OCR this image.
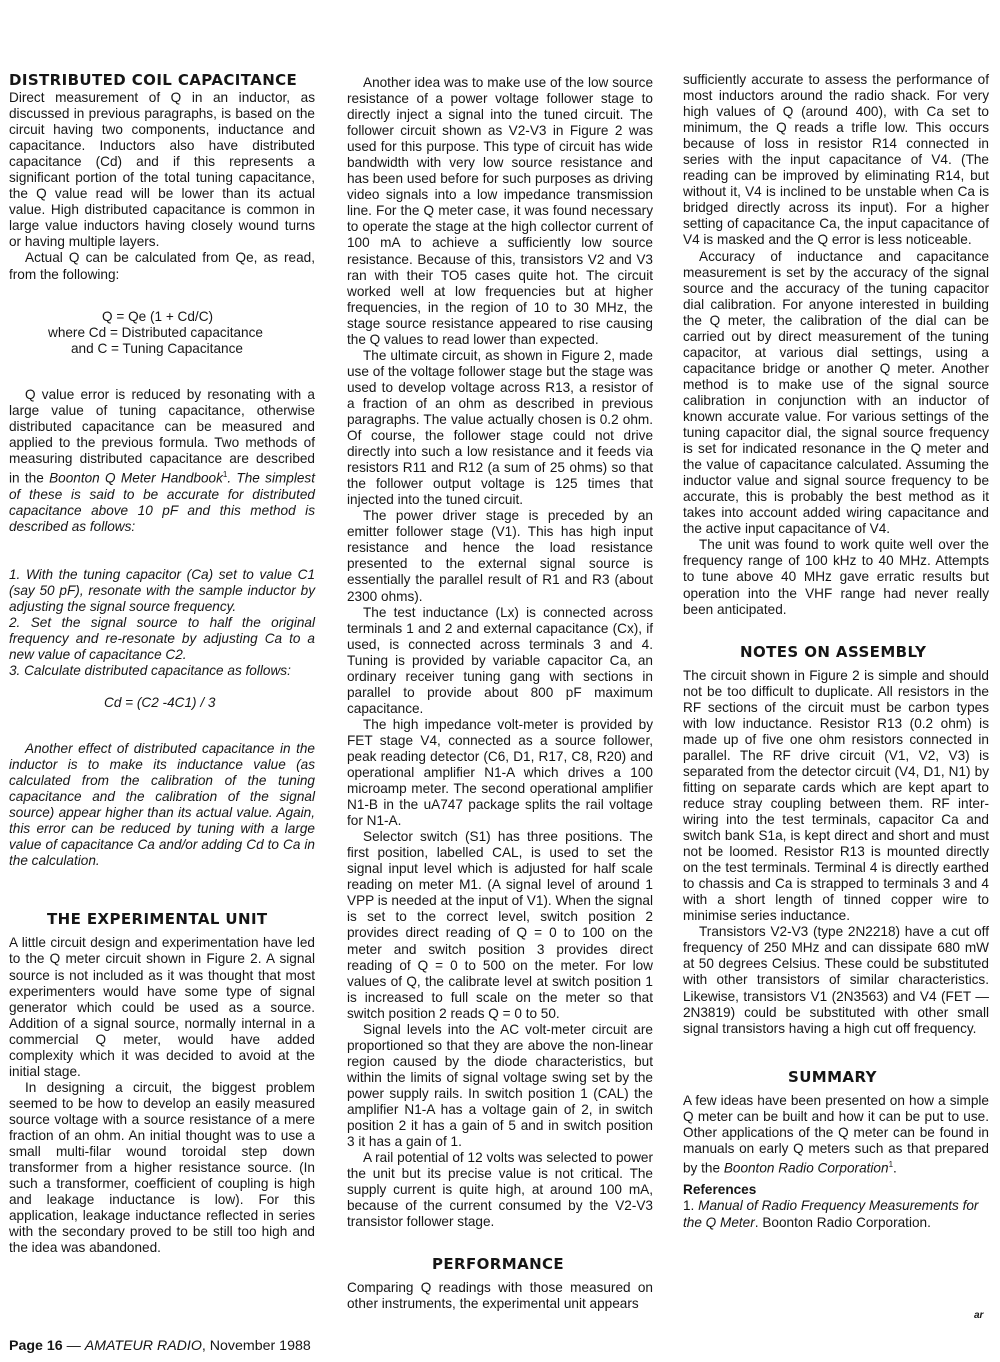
DISTRIBUTED COIL CAPACITANCE

Direct measurement of Q in an inductor, as discussed in previous paragraphs, is based on the circuit having two components, inductance and capacitance. Inductors also have distributed capacitance (Cd) and if this represents a significant portion of the total tuning capacitance, the Q value read will be lower than its actual value. High distributed capacitance is common in large value inductors having closely wound turns or having multiple layers.

Actual Q can be calculated from Qe, as read, from the following:

Q = Qe (1 + Cd/C)
where Cd = Distributed capacitance
and C = Tuning Capacitance

Q value error is reduced by resonating with a large value of tuning capacitance, otherwise distributed capacitance can be measured and applied to the previous formula. Two methods of measuring distributed capacitance are described in the Boonton Q Meter Handbook$^1$. The simplest of these is said to be accurate for distributed capacitance above 10 pF and this method is described as follows:

1. With the tuning capacitor (Ca) set to value C1 (say 50 pF), resonate with the sample inductor by adjusting the signal source frequency.

2. Set the signal source to half the original frequency and re-resonate by adjusting Ca to a new value of capacitance C2.

3. Calculate distributed capacitance as follows:

Cd = (C2 -4C1) / 3

Another effect of distributed capacitance in the inductor is to make its inductance value (as calculated from the calibration of the tuning capacitance and the calibration of the signal source) appear higher than its actual value. Again, this error can be reduced by tuning with a large value of capacitance Ca and/or adding Cd to Ca in the calculation.

THE EXPERIMENTAL UNIT

A little circuit design and experimentation have led to the Q meter circuit shown in Figure 2. A signal source is not included as it was thought that most experimenters would have some type of signal generator which could be used as a source. Addition of a signal source, normally internal in a commercial Q meter, would have added complexity which it was decided to avoid at the initial stage.

In designing a circuit, the biggest problem seemed to be how to develop an easily measured source voltage with a source resistance of a mere fraction of an ohm. An initial thought was to use a small multi-filar wound toroidal step down transformer from a higher resistance source. (In such a transformer, coefficient of coupling is high and leakage inductance is low). For this application, leakage inductance reflected in series with the secondary proved to be still too high and the idea was abandoned.

Another idea was to make use of the low source resistance of a power voltage follower stage to directly inject a signal into the tuned circuit. The follower circuit shown as V2-V3 in Figure 2 was used for this purpose. This type of circuit has wide bandwidth with very low source resistance and has been used before for such purposes as driving video signals into a low impedance transmission line. For the Q meter case, it was found necessary to operate the stage at the high collector current of 100 mA to achieve a sufficiently low source resistance. Because of this, transistors V2 and V3 ran with their TO5 cases quite hot. The circuit worked well at low frequencies but at higher frequencies, in the region of 10 to 30 MHz, the stage source resistance appeared to rise causing the Q values to read lower than expected.

The ultimate circuit, as shown in Figure 2, made use of the voltage follower stage but the stage was used to develop voltage across R13, a resistor of a fraction of an ohm as described in previous paragraphs. The value actually chosen is 0.2 ohm. Of course, the follower stage could not drive directly into such a low resistance and it feeds via resistors R11 and R12 (a sum of 25 ohms) so that the follower output voltage is 125 times that injected into the tuned circuit.

The power driver stage is preceded by an emitter follower stage (V1). This has high input resistance and hence the load resistance presented to the external signal source is essentially the parallel result of R1 and R3 (about 2300 ohms).

The test inductance (Lx) is connected across terminals 1 and 2 and external capacitance (Cx), if used, is connected across terminals 3 and 4. Tuning is provided by variable capacitor Ca, an ordinary receiver tuning gang with sections in parallel to provide about 800 pF maximum capacitance.

The high impedance volt-meter is provided by FET stage V4, connected as a source follower, peak reading detector (C6, D1, R17, C8, R20) and operational amplifier N1-A which drives a 100 microamp meter. The second operational amplifier N1-B in the uA747 package splits the rail voltage for N1-A.

Selector switch (S1) has three positions. The first position, labelled CAL, is used to set the signal input level which is adjusted for half scale reading on meter M1. (A signal level of around 1 VPP is needed at the input of V1). When the signal is set to the correct level, switch position 2 provides direct reading of Q = 0 to 100 on the meter and switch position 3 provides direct reading of Q = 0 to 500 on the meter. For low values of Q, the calibrate level at switch position 1 is increased to full scale on the meter so that switch position 2 reads Q = 0 to 50.

Signal levels into the AC volt-meter circuit are proportioned so that they are above the non-linear region caused by the diode characteristics, but within the limits of signal voltage swing set by the power supply rails. In switch position 1 (CAL) the amplifier N1-A has a voltage gain of 2, in switch position 2 it has a gain of 5 and in switch position 3 it has a gain of 1.

A rail potential of 12 volts was selected to power the unit but its precise value is not critical. The supply current is quite high, at around 100 mA, because of the current consumed by the V2-V3 transistor follower stage.

PERFORMANCE

Comparing Q readings with those measured on other instruments, the experimental unit appears

sufficiently accurate to assess the performance of most inductors around the radio shack. For very high values of Q (around 400), with Ca set to minimum, the Q reads a trifle low. This occurs because of loss in resistor R14 connected in series with the input capacitance of V4. (The reading can be improved by eliminating R14, but without it, V4 is inclined to be unstable when Ca is bridged directly across its input). For a higher setting of capacitance Ca, the input capacitance of V4 is masked and the Q error is less noticeable.

Accuracy of inductance and capacitance measurement is set by the accuracy of the signal source and the accuracy of the tuning capacitor dial calibration. For anyone interested in building the Q meter, the calibration of the dial can be carried out by direct measurement of the tuning capacitor, at various dial settings, using a capacitance bridge or another Q meter. Another method is to make use of the signal source calibration in conjunction with an inductor of known accurate value. For various settings of the tuning capacitor dial, the signal source frequency is set for indicated resonance in the Q meter and the value of capacitance calculated. Assuming the inductor value and signal source frequency to be accurate, this is probably the best method as it takes into account added wiring capacitance and the active input capacitance of V4.

The unit was found to work quite well over the frequency range of 100 kHz to 40 MHz. Attempts to tune above 40 MHz gave erratic results but operation into the VHF range had never really been anticipated.

NOTES ON ASSEMBLY

The circuit shown in Figure 2 is simple and should not be too difficult to duplicate. All resistors in the RF sections of the circuit must be carbon types with low inductance. Resistor R13 (0.2 ohm) is made up of five one ohm resistors connected in parallel. The RF drive circuit (V1, V2, V3) is separated from the detector circuit (V4, D1, N1) by fitting on separate cards which are kept apart to reduce stray coupling between them. RF inter-wiring into the test terminals, capacitor Ca and switch bank S1a, is kept direct and short and must not be loomed. Resistor R13 is mounted directly on the test terminals. Terminal 4 is directly earthed to chassis and Ca is strapped to terminals 3 and 4 with a short length of tinned copper wire to minimise series inductance.

Transistors V2-V3 (type 2N2218) have a cut off frequency of 250 MHz and can dissipate 680 mW at 50 degrees Celsius. These could be substituted with other transistors of similar characteristics. Likewise, transistors V1 (2N3563) and V4 (FET — 2N3819) could be substituted with other small signal transistors having a high cut off frequency.

SUMMARY

A few ideas have been presented on how a simple Q meter can be built and how it can be put to use. Other applications of the Q meter can be found in manuals on early Q meters such as that prepared by the Boonton Radio Corporation$^1$.

References

1. Manual of Radio Frequency Measurements for the Q Meter. Boonton Radio Corporation.

ar
Page 16 — AMATEUR RADIO, November 1988
